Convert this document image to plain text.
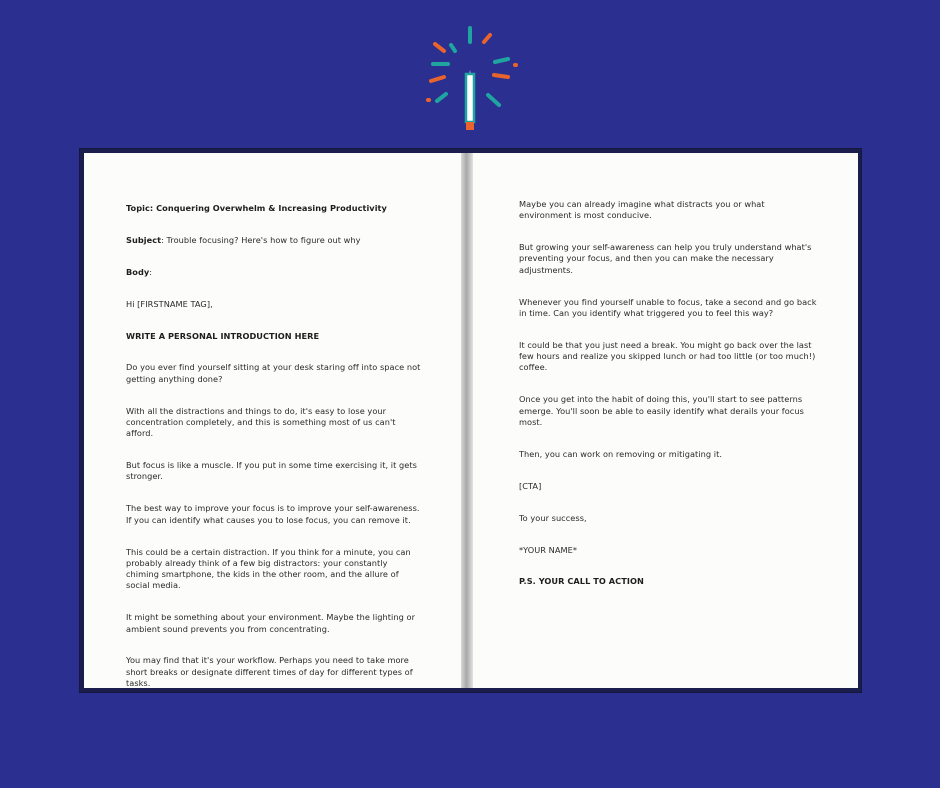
Topic: Conquering Overwhelm & Increasing Productivity

Subject: Trouble focusing? Here's how to figure out why

Body:

Hi [FIRSTNAME TAG],

WRITE A PERSONAL INTRODUCTION HERE

Do you ever find yourself sitting at your desk staring off into space not getting anything done?

With all the distractions and things to do, it's easy to lose your concentration completely, and this is something most of us can't afford.

But focus is like a muscle. If you put in some time exercising it, it gets stronger.

The best way to improve your focus is to improve your self-awareness. If you can identify what causes you to lose focus, you can remove it.

This could be a certain distraction. If you think for a minute, you can probably already think of a few big distractors: your constantly chiming smartphone, the kids in the other room, and the allure of social media.

It might be something about your environment. Maybe the lighting or ambient sound prevents you from concentrating.

You may find that it's your workflow. Perhaps you need to take more short breaks or designate different times of day for different types of tasks.

Maybe you can already imagine what distracts you or what environment is most conducive.

But growing your self-awareness can help you truly understand what's preventing your focus, and then you can make the necessary adjustments.

Whenever you find yourself unable to focus, take a second and go back in time. Can you identify what triggered you to feel this way?

It could be that you just need a break. You might go back over the last few hours and realize you skipped lunch or had too little (or too much!) coffee.

Once you get into the habit of doing this, you'll start to see patterns emerge. You'll soon be able to easily identify what derails your focus most.

Then, you can work on removing or mitigating it.

[CTA]

To your success,

*YOUR NAME*

P.S. YOUR CALL TO ACTION
